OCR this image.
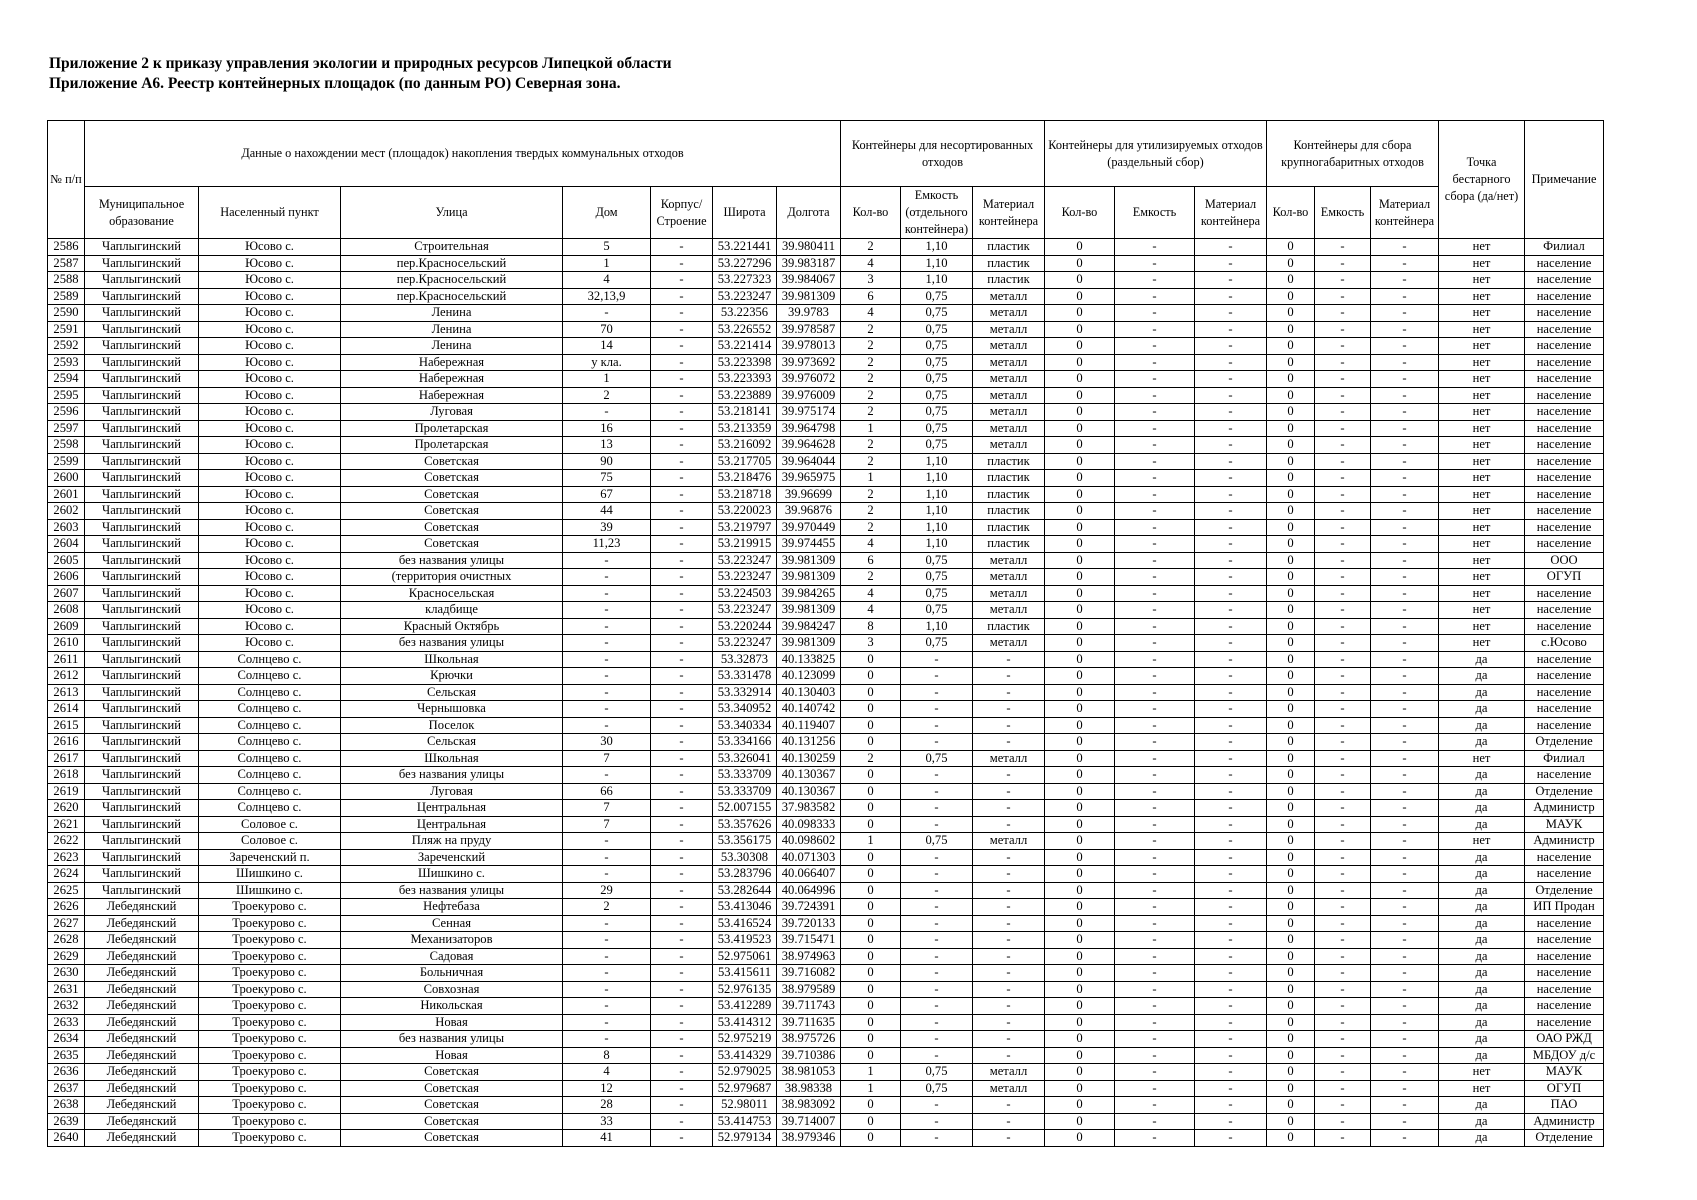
Приложение 2 к приказу управления экологии и природных ресурсов Липецкой области
Приложение А6. Реестр контейнерных площадок (по данным РО) Северная зона.
№ п/п	Данные о нахождении мест (площадок) накопления твердых коммунальных отходов							Контейнеры для несортированных отходов			Контейнеры для утилизируемых отходов (раздельный сбор)			Контейнеры для сбора крупногабаритных отходов			Точка бестарного сбора (да/нет)	Примечание
	Муниципальное образование	Населенный пункт	Улица	Дом	Корпус/ Строение	Широта	Долгота	Кол-во	Емкость (отдельного контейнера)	Материал контейнера	Кол-во	Емкость	Материал контейнера	Кол-во	Емкость	Материал контейнера		
2586	Чаплыгинский	Юсово с.	Строительная	5	-	53.221441	39.980411	2	1,10	пластик	0	-	-	0	-	-	нет	Филиал
2587	Чаплыгинский	Юсово с.	пер.Красносельский	1	-	53.227296	39.983187	4	1,10	пластик	0	-	-	0	-	-	нет	население
2588	Чаплыгинский	Юсово с.	пер.Красносельский	4	-	53.227323	39.984067	3	1,10	пластик	0	-	-	0	-	-	нет	население
2589	Чаплыгинский	Юсово с.	пер.Красносельский	32,13,9	-	53.223247	39.981309	6	0,75	металл	0	-	-	0	-	-	нет	население
2590	Чаплыгинский	Юсово с.	Ленина	-	-	53.22356	39.9783	4	0,75	металл	0	-	-	0	-	-	нет	население
2591	Чаплыгинский	Юсово с.	Ленина	70	-	53.226552	39.978587	2	0,75	металл	0	-	-	0	-	-	нет	население
2592	Чаплыгинский	Юсово с.	Ленина	14	-	53.221414	39.978013	2	0,75	металл	0	-	-	0	-	-	нет	население
2593	Чаплыгинский	Юсово с.	Набережная	у кла.	-	53.223398	39.973692	2	0,75	металл	0	-	-	0	-	-	нет	население
2594	Чаплыгинский	Юсово с.	Набережная	1	-	53.223393	39.976072	2	0,75	металл	0	-	-	0	-	-	нет	население
2595	Чаплыгинский	Юсово с.	Набережная	2	-	53.223889	39.976009	2	0,75	металл	0	-	-	0	-	-	нет	население
2596	Чаплыгинский	Юсово с.	Луговая	-	-	53.218141	39.975174	2	0,75	металл	0	-	-	0	-	-	нет	население
2597	Чаплыгинский	Юсово с.	Пролетарская	16	-	53.213359	39.964798	1	0,75	металл	0	-	-	0	-	-	нет	население
2598	Чаплыгинский	Юсово с.	Пролетарская	13	-	53.216092	39.964628	2	0,75	металл	0	-	-	0	-	-	нет	население
2599	Чаплыгинский	Юсово с.	Советская	90	-	53.217705	39.964044	2	1,10	пластик	0	-	-	0	-	-	нет	население
2600	Чаплыгинский	Юсово с.	Советская	75	-	53.218476	39.965975	1	1,10	пластик	0	-	-	0	-	-	нет	население
2601	Чаплыгинский	Юсово с.	Советская	67	-	53.218718	39.96699	2	1,10	пластик	0	-	-	0	-	-	нет	население
2602	Чаплыгинский	Юсово с.	Советская	44	-	53.220023	39.96876	2	1,10	пластик	0	-	-	0	-	-	нет	население
2603	Чаплыгинский	Юсово с.	Советская	39	-	53.219797	39.970449	2	1,10	пластик	0	-	-	0	-	-	нет	население
2604	Чаплыгинский	Юсово с.	Советская	11,23	-	53.219915	39.974455	4	1,10	пластик	0	-	-	0	-	-	нет	население
2605	Чаплыгинский	Юсово с.	без названия улицы	-	-	53.223247	39.981309	6	0,75	металл	0	-	-	0	-	-	нет	ООО
2606	Чаплыгинский	Юсово с.	(территория очистных	-	-	53.223247	39.981309	2	0,75	металл	0	-	-	0	-	-	нет	ОГУП
2607	Чаплыгинский	Юсово с.	Красносельская	-	-	53.224503	39.984265	4	0,75	металл	0	-	-	0	-	-	нет	население
2608	Чаплыгинский	Юсово с.	кладбище	-	-	53.223247	39.981309	4	0,75	металл	0	-	-	0	-	-	нет	население
2609	Чаплыгинский	Юсово с.	Красный Октябрь	-	-	53.220244	39.984247	8	1,10	пластик	0	-	-	0	-	-	нет	население
2610	Чаплыгинский	Юсово с.	без названия улицы	-	-	53.223247	39.981309	3	0,75	металл	0	-	-	0	-	-	нет	с.Юсово
2611	Чаплыгинский	Солнцево с.	Школьная	-	-	53.32873	40.133825	0	-	-	0	-	-	0	-	-	да	население
2612	Чаплыгинский	Солнцево с.	Крючки	-	-	53.331478	40.123099	0	-	-	0	-	-	0	-	-	да	население
2613	Чаплыгинский	Солнцево с.	Сельская	-	-	53.332914	40.130403	0	-	-	0	-	-	0	-	-	да	население
2614	Чаплыгинский	Солнцево с.	Чернышовка	-	-	53.340952	40.140742	0	-	-	0	-	-	0	-	-	да	население
2615	Чаплыгинский	Солнцево с.	Поселок	-	-	53.340334	40.119407	0	-	-	0	-	-	0	-	-	да	население
2616	Чаплыгинский	Солнцево с.	Сельская	30	-	53.334166	40.131256	0	-	-	0	-	-	0	-	-	да	Отделение
2617	Чаплыгинский	Солнцево с.	Школьная	7	-	53.326041	40.130259	2	0,75	металл	0	-	-	0	-	-	нет	Филиал
2618	Чаплыгинский	Солнцево с.	без названия улицы	-	-	53.333709	40.130367	0	-	-	0	-	-	0	-	-	да	население
2619	Чаплыгинский	Солнцево с.	Луговая	66	-	53.333709	40.130367	0	-	-	0	-	-	0	-	-	да	Отделение
2620	Чаплыгинский	Солнцево с.	Центральная	7	-	52.007155	37.983582	0	-	-	0	-	-	0	-	-	да	Администр
2621	Чаплыгинский	Соловое с.	Центральная	7	-	53.357626	40.098333	0	-	-	0	-	-	0	-	-	да	МАУК
2622	Чаплыгинский	Соловое с.	Пляж на пруду	-	-	53.356175	40.098602	1	0,75	металл	0	-	-	0	-	-	нет	Администр
2623	Чаплыгинский	Зареченский п.	Зареченский	-	-	53.30308	40.071303	0	-	-	0	-	-	0	-	-	да	население
2624	Чаплыгинский	Шишкино с.	Шишкино с.	-	-	53.283796	40.066407	0	-	-	0	-	-	0	-	-	да	население
2625	Чаплыгинский	Шишкино с.	без названия улицы	29	-	53.282644	40.064996	0	-	-	0	-	-	0	-	-	да	Отделение
2626	Лебедянский	Троекурово с.	Нефтебаза	2	-	53.413046	39.724391	0	-	-	0	-	-	0	-	-	да	ИП Продан
2627	Лебедянский	Троекурово с.	Сенная	-	-	53.416524	39.720133	0	-	-	0	-	-	0	-	-	да	население
2628	Лебедянский	Троекурово с.	Механизаторов	-	-	53.419523	39.715471	0	-	-	0	-	-	0	-	-	да	население
2629	Лебедянский	Троекурово с.	Садовая	-	-	52.975061	38.974963	0	-	-	0	-	-	0	-	-	да	население
2630	Лебедянский	Троекурово с.	Больничная	-	-	53.415611	39.716082	0	-	-	0	-	-	0	-	-	да	население
2631	Лебедянский	Троекурово с.	Совхозная	-	-	52.976135	38.979589	0	-	-	0	-	-	0	-	-	да	население
2632	Лебедянский	Троекурово с.	Никольская	-	-	53.412289	39.711743	0	-	-	0	-	-	0	-	-	да	население
2633	Лебедянский	Троекурово с.	Новая	-	-	53.414312	39.711635	0	-	-	0	-	-	0	-	-	да	население
2634	Лебедянский	Троекурово с.	без названия улицы	-	-	52.975219	38.975726	0	-	-	0	-	-	0	-	-	да	ОАО РЖД
2635	Лебедянский	Троекурово с.	Новая	8	-	53.414329	39.710386	0	-	-	0	-	-	0	-	-	да	МБДОУ д/с
2636	Лебедянский	Троекурово с.	Советская	4	-	52.979025	38.981053	1	0,75	металл	0	-	-	0	-	-	нет	МАУК
2637	Лебедянский	Троекурово с.	Советская	12	-	52.979687	38.98338	1	0,75	металл	0	-	-	0	-	-	нет	ОГУП
2638	Лебедянский	Троекурово с.	Советская	28	-	52.98011	38.983092	0	-	-	0	-	-	0	-	-	да	ПАО
2639	Лебедянский	Троекурово с.	Советская	33	-	53.414753	39.714007	0	-	-	0	-	-	0	-	-	да	Администр
2640	Лебедянский	Троекурово с.	Советская	41	-	52.979134	38.979346	0	-	-	0	-	-	0	-	-	да	Отделение
